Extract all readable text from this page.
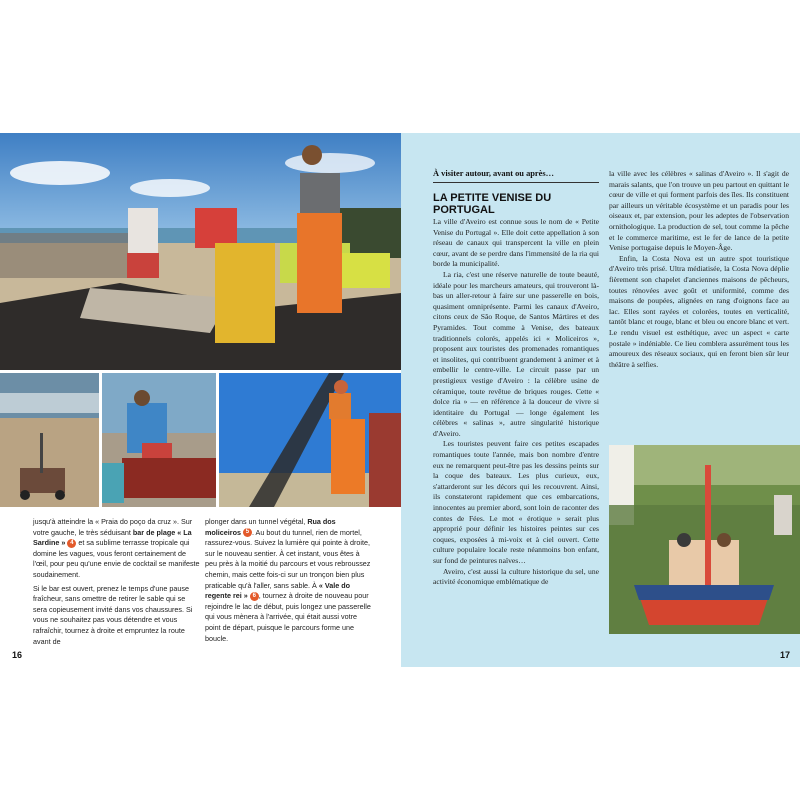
jusqu'à atteindre la « Praia do poço da cruz ». Sur votre gauche, le très séduisant bar de plage « La Sardine » 4 et sa sublime terrasse tropicale qui domine les vagues, vous feront certainement de l'œil, pour peu qu'une envie de cocktail se manifeste soudainement.

Si le bar est ouvert, prenez le temps d'une pause fraîcheur, sans omettre de retirer le sable qui se sera copieusement invité dans vos chaussures. Si vous ne souhaitez pas vous détendre et vous rafraîchir, tournez à droite et empruntez la route avant de

plonger dans un tunnel végétal, Rua dos moliceiros 5 . Au bout du tunnel, rien de mortel, rassurez-vous. Suivez la lumière qui pointe à droite, sur le nouveau sentier. À cet instant, vous êtes à peu près à la moitié du parcours et vous rebroussez chemin, mais cette fois-ci sur un tronçon bien plus praticable qu'à l'aller, sans sable. À « Vale do regente rei » 6 , tournez à droite de nouveau pour rejoindre le lac de début, puis longez une passerelle qui vous mènera à l'arrivée, qui était aussi votre point de départ, puisque le parcours forme une boucle.

16
À visiter autour, avant ou après…
LA PETITE VENISE DU PORTUGAL

La ville d'Aveiro est connue sous le nom de « Petite Venise du Portugal ». Elle doit cette appellation à son réseau de canaux qui transpercent la ville en plein cœur, avant de se perdre dans l'immensité de la ria qui borde la municipalité.

La ria, c'est une réserve naturelle de toute beauté, idéale pour les marcheurs amateurs, qui trouveront là-bas un aller-retour à faire sur une passerelle en bois, quasiment omniprésente. Parmi les canaux d'Aveiro, citons ceux de São Roque, de Santos Mártires et des Pyramides. Tout comme à Venise, des bateaux traditionnels colorés, appelés ici « Moliceiros », proposent aux touristes des promenades romantiques et insolites, qui contribuent grandement à animer et à embellir le centre-ville. Le circuit passe par un prestigieux vestige d'Aveiro : la célèbre usine de céramique, toute revêtue de briques rouges. Cette « dolce ria » — en référence à la douceur de vivre si identitaire du Portugal — longe également les célèbres « salinas », autre singularité historique d'Aveiro.

Les touristes peuvent faire ces petites escapades romantiques toute l'année, mais bon nombre d'entre eux ne remarquent peut-être pas les dessins peints sur la coque des bateaux. Les plus curieux, eux, s'attarderont sur les décors qui les recouvrent. Ainsi, ils constateront rapidement que ces embarcations, innocentes au premier abord, sont loin de raconter des contes de Fées. Le mot « érotique » serait plus approprié pour définir les histoires peintes sur ces coques, exposées à mi-voix et à ciel ouvert. Cette culture populaire locale reste néanmoins bon enfant, sur fond de peintures naïves…

Aveiro, c'est aussi la culture historique du sel, une activité économique emblématique de

la ville avec les célèbres « salinas d'Aveiro ». Il s'agit de marais salants, que l'on trouve un peu partout en quittant le cœur de ville et qui forment parfois des îles. Ils constituent par ailleurs un véritable écosystème et un paradis pour les oiseaux et, par extension, pour les adeptes de l'observation ornithologique. La production de sel, tout comme la pêche et le commerce maritime, est le fer de lance de la petite Venise portugaise depuis le Moyen-Âge.

Enfin, la Costa Nova est un autre spot touristique d'Aveiro très prisé. Ultra médiatisée, la Costa Nova déplie fièrement son chapelet d'anciennes maisons de pêcheurs, toutes rénovées avec goût et uniformité, comme des maisons de poupées, alignées en rang d'oignons face au lac. Elles sont rayées et colorées, toutes en verticalité, tantôt blanc et rouge, blanc et bleu ou encore blanc et vert. Le rendu visuel est esthétique, avec un aspect « carte postale » indéniable. Ce lieu comblera assurément tous les amoureux des réseaux sociaux, qui en feront bien sûr leur théâtre à selfies.

17
